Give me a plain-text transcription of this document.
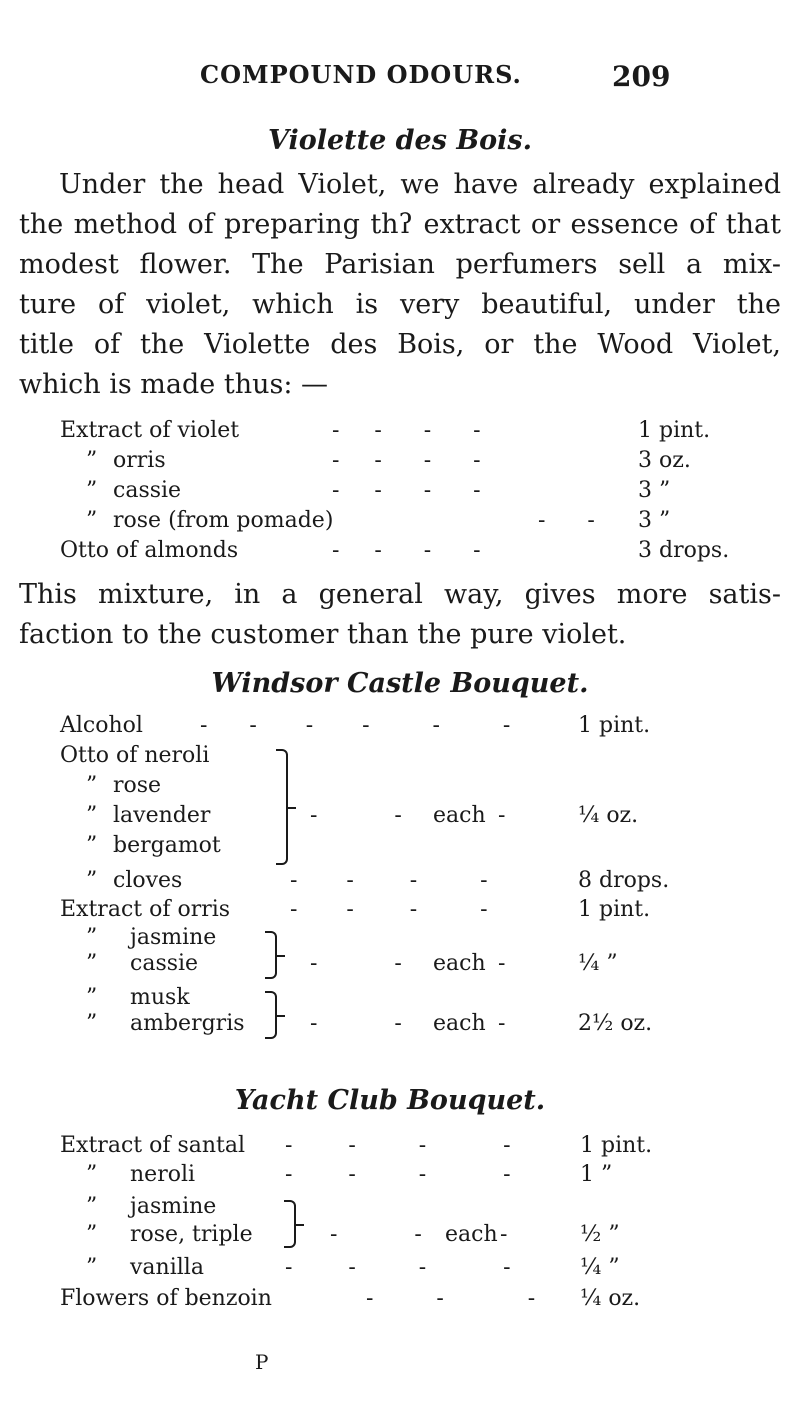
COMPOUND ODOURS.	209
Violette des Bois.
Under the head Violet, we have already explained
the method of preparing thʔ extract or essence of that
modest flower. The Parisian perfumers sell a mix-
ture of violet, which is very beautiful, under the
title of the Violette des Bois, or the Wood Violet,
which is made thus: —
Extract of violet	-     -      -      -	1 pint.
” orris	-     -      -      -	3 oz.
” cassie	-     -      -      -	3 ”
” rose (from pomade)	-      - 3 ”
Otto of almonds	-     -      -      -	3 drops.
This mixture, in a general way, gives more satis-
faction to the customer than the pure violet.
Windsor Castle Bouquet.
Alcohol	-      -       -       -         -         -	1 pint.
Otto of neroli
” rose
” lavender	-           - each -	¼ oz.
” bergamot
” cloves	-       -        -         -	8 drops.
Extract of orris	-       -        -         -	1 pint.
” jasmine
” cassie	-           - each -	¼ ”
” musk
” ambergris	-           - each -	2½ oz.
Yacht Club Bouquet.
Extract of santal -        -         -           -	1 pint.
” neroli	-        -         -           -	1 ”
” jasmine
” rose, triple	-           - each -	½ ”
” vanilla	-        -         -           -	¼ ”
Flowers of benzoin	-         -            - ¼ oz.
P
